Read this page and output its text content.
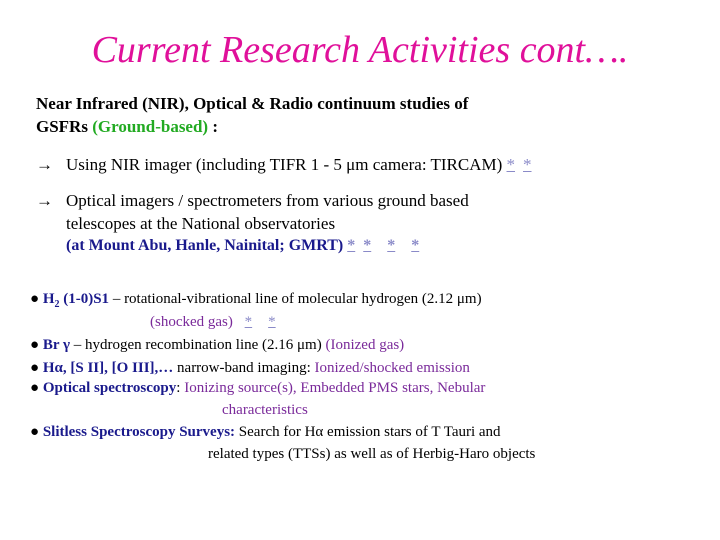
Current Research Activities cont….
Near Infrared (NIR), Optical & Radio continuum studies of
GSFRs (Ground-based) :
→ Using NIR imager (including TIFR 1 - 5 μm camera: TIRCAM) * *
→ Optical imagers / spectrometers from various ground based
telescopes at the National observatories
(at Mount Abu, Hanle, Nainital; GMRT) * * * *
● $H_2$ (1-0)S1 – rotational-vibrational line of molecular hydrogen (2.12 μm)
(shocked gas) * *
● Br γ – hydrogen recombination line (2.16 μm) (Ionized gas)
● Hα, [S II], [O III],… narrow-band imaging: Ionized/shocked emission
● Optical spectroscopy: Ionizing source(s), Embedded PMS stars, Nebular
characteristics
● Slitless Spectroscopy Surveys: Search for Hα emission stars of T Tauri and
related types (TTSs) as well as of Herbig-Haro objects
